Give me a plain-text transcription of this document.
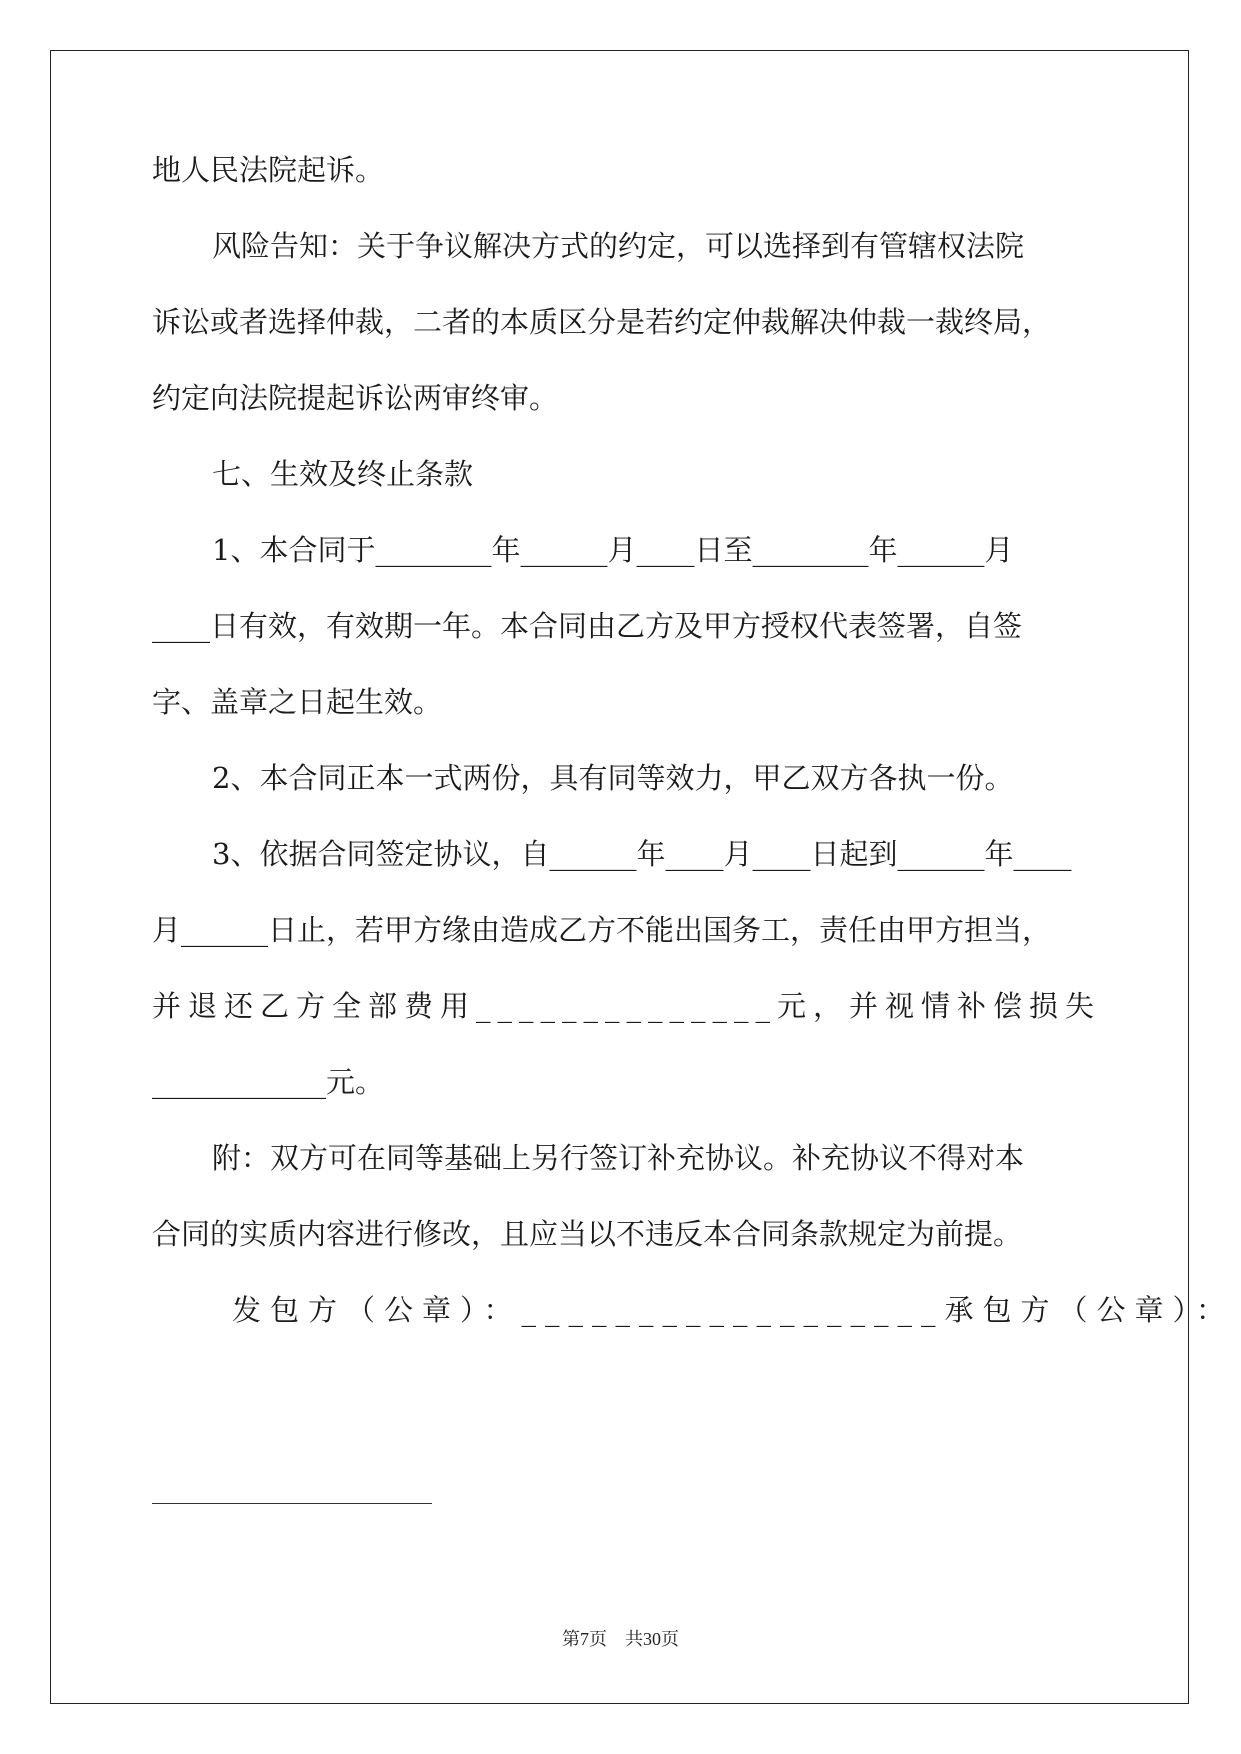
地人民法院起诉。
风险告知：关于争议解决方式的约定，可以选择到有管辖权法院
诉讼或者选择仲裁，二者的本质区分是若约定仲裁解决仲裁一裁终局，
约定向法院提起诉讼两审终审。
七、生效及终止条款
1、本合同于________年______月____日至________年______月
____日有效，有效期一年。本合同由乙方及甲方授权代表签署，自签
字、盖章之日起生效。
2、本合同正本一式两份，具有同等效力，甲乙双方各执一份。
3、依据合同签定协议，自______年____月____日起到______年____
月______日止，若甲方缘由造成乙方不能出国务工，责任由甲方担当，
并退还乙方全部费用______________元，并视情补偿损失
____________元。
附：双方可在同等基础上另行签订补充协议。补充协议不得对本
合同的实质内容进行修改，且应当以不违反本合同条款规定为前提。
发包方（公章）：__________________承包方（公章）：
第7页　共30页
